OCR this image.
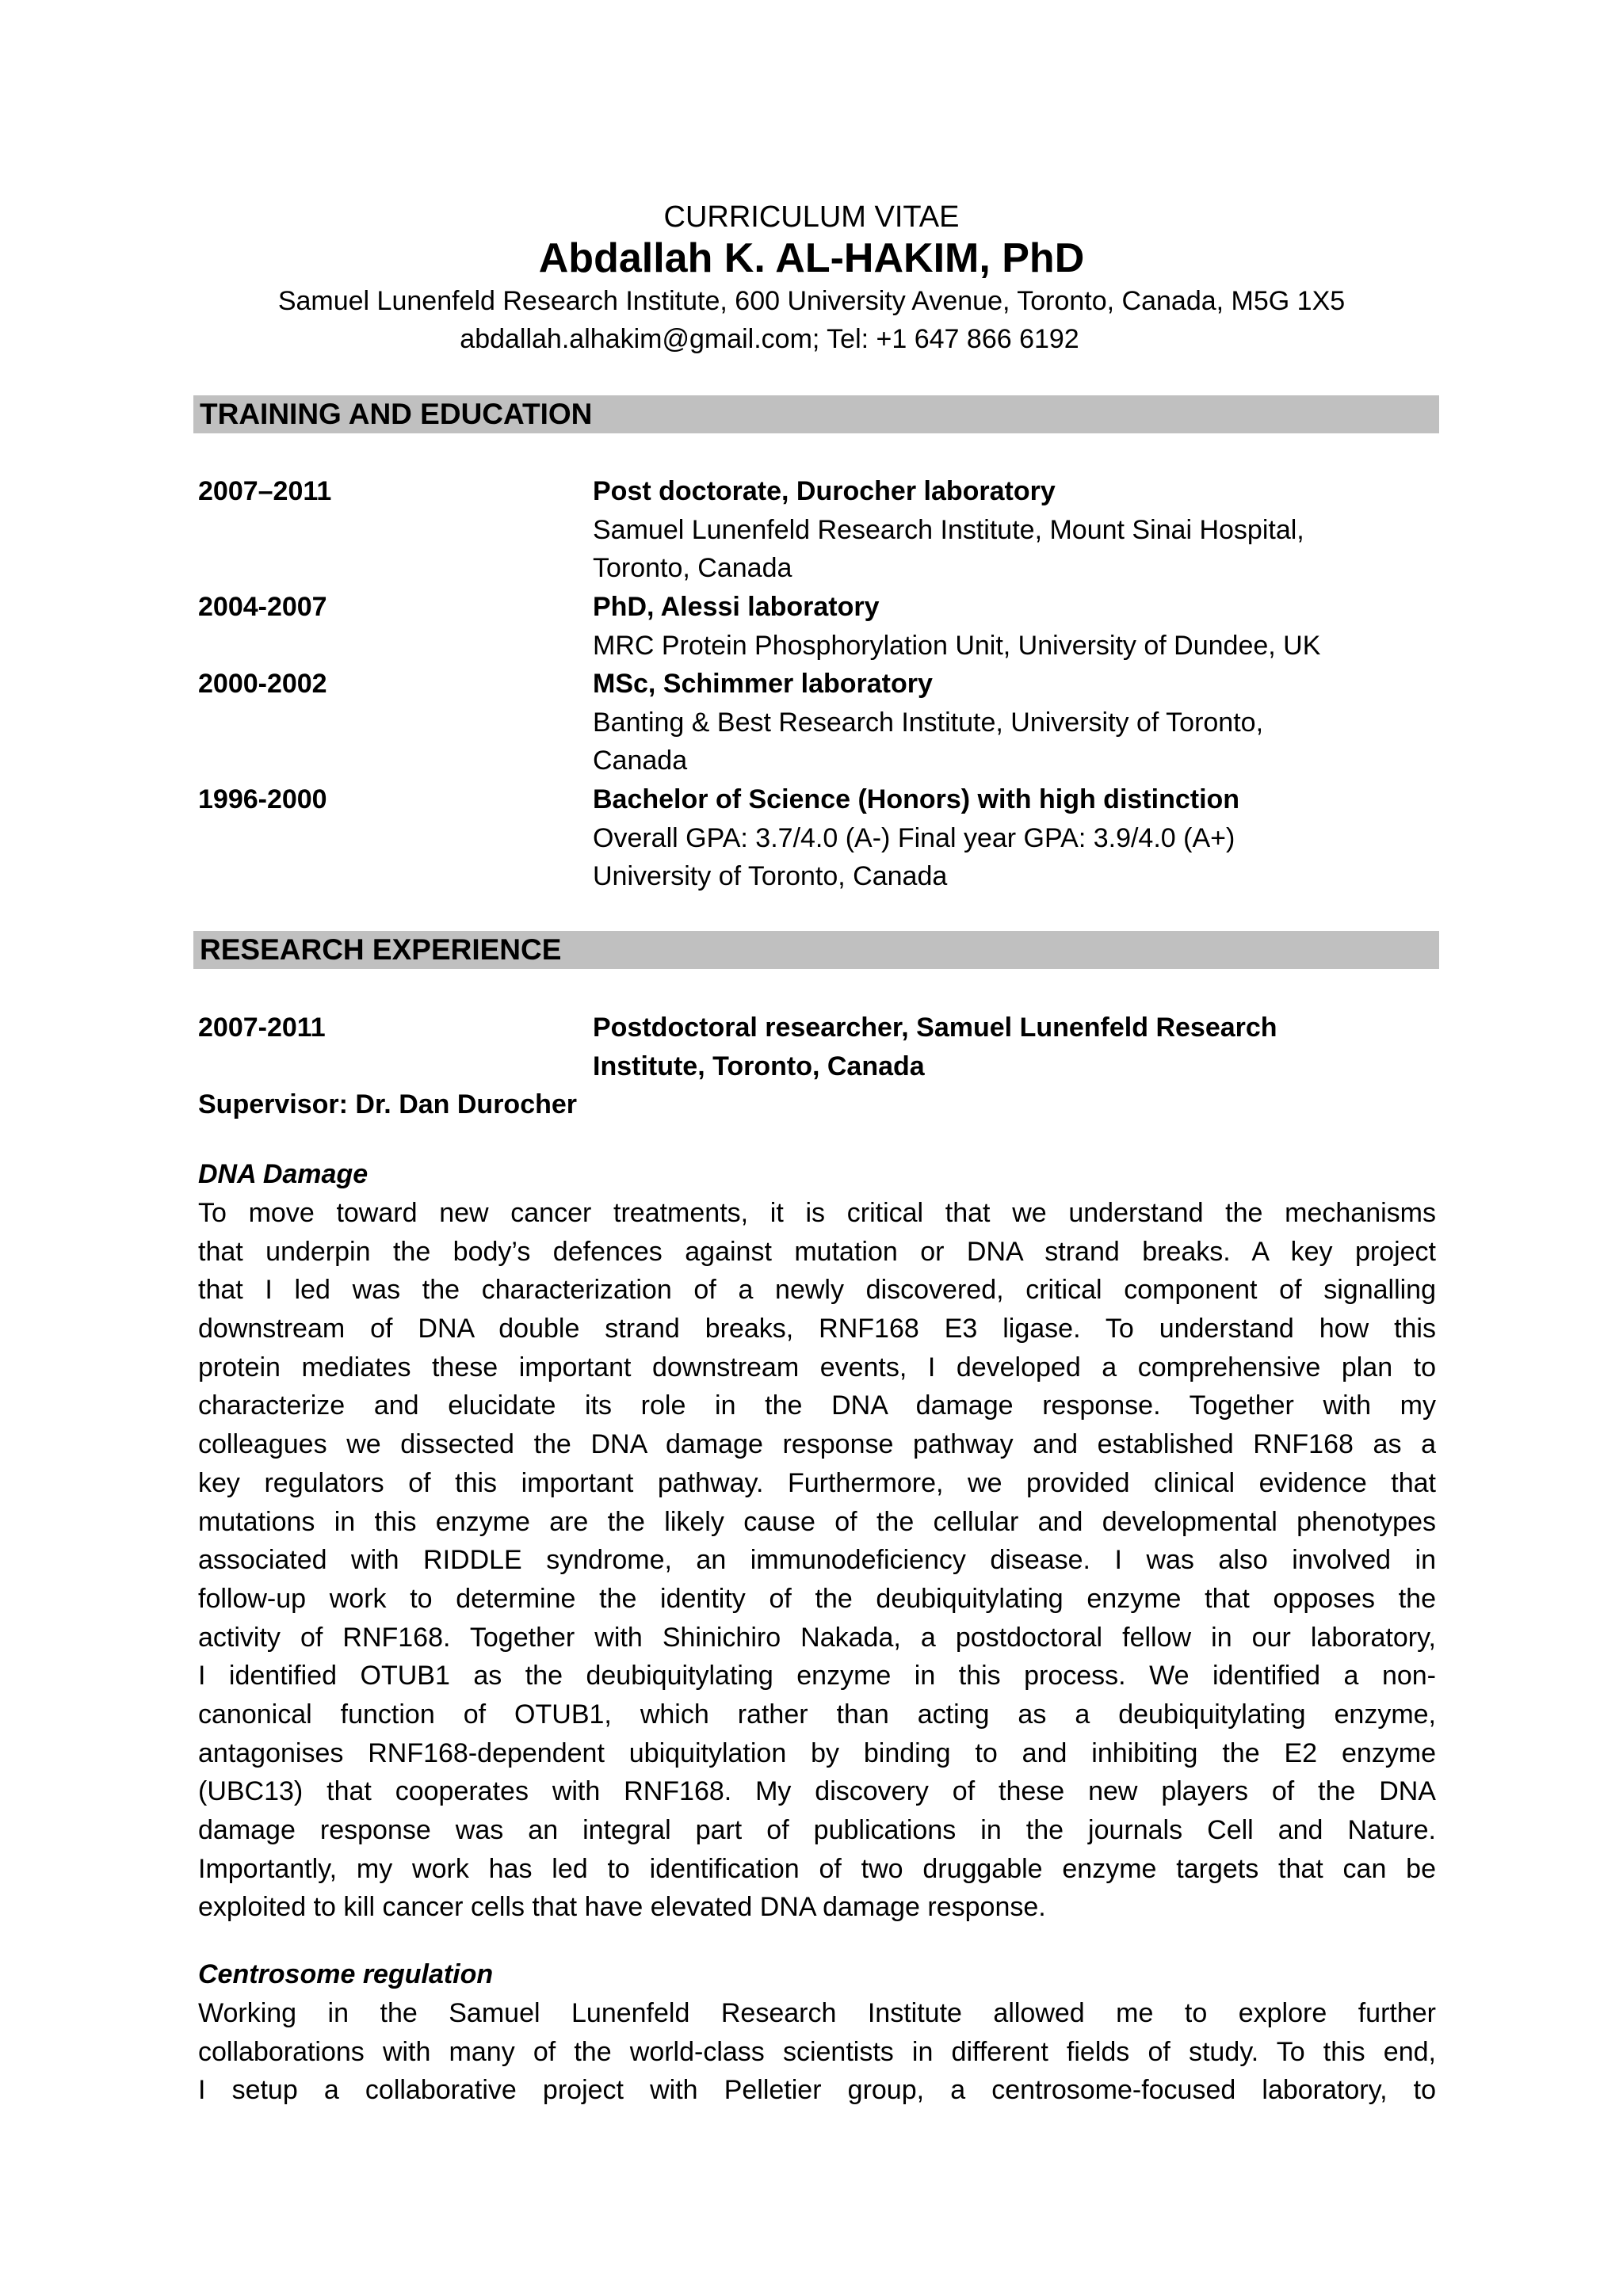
CURRICULUM VITAE
Abdallah K. AL-HAKIM, PhD
Samuel Lunenfeld Research Institute, 600 University Avenue, Toronto, Canada, M5G 1X5
abdallah.alhakim@gmail.com; Tel: +1 647 866 6192
TRAINING AND EDUCATION
2007–2011	Post doctorate, Durocher laboratory
Samuel Lunenfeld Research Institute, Mount Sinai Hospital,
Toronto, Canada
2004-2007	PhD, Alessi laboratory
MRC Protein Phosphorylation Unit, University of Dundee, UK
2000-2002	MSc, Schimmer laboratory
Banting & Best Research Institute, University of Toronto,
Canada
1996-2000	Bachelor of Science (Honors) with high distinction
Overall GPA: 3.7/4.0 (A-) Final year GPA: 3.9/4.0 (A+)
University of Toronto, Canada
RESEARCH EXPERIENCE
2007-2011	Postdoctoral researcher, Samuel Lunenfeld Research
Institute, Toronto, Canada
Supervisor: Dr. Dan Durocher
DNA Damage
To move toward new cancer treatments, it is critical that we understand the mechanisms
that underpin the body’s defences against mutation or DNA strand breaks. A key project
that I led was the characterization of a newly discovered, critical component of signalling
downstream of DNA double strand breaks, RNF168 E3 ligase. To understand how this
protein mediates these important downstream events, I developed a comprehensive plan to
characterize and elucidate its role in the DNA damage response. Together with my
colleagues we dissected the DNA damage response pathway and established RNF168 as a
key regulators of this important pathway. Furthermore, we provided clinical evidence that
mutations in this enzyme are the likely cause of the cellular and developmental phenotypes
associated with RIDDLE syndrome, an immunodeficiency disease. I was also involved in
follow-up work to determine the identity of the deubiquitylating enzyme that opposes the
activity of RNF168. Together with Shinichiro Nakada, a postdoctoral fellow in our laboratory,
I identified OTUB1 as the deubiquitylating enzyme in this process. We identified a non-
canonical function of OTUB1, which rather than acting as a deubiquitylating enzyme,
antagonises RNF168-dependent ubiquitylation by binding to and inhibiting the E2 enzyme
(UBC13) that cooperates with RNF168. My discovery of these new players of the DNA
damage response was an integral part of publications in the journals Cell and Nature.
Importantly, my work has led to identification of two druggable enzyme targets that can be
exploited to kill cancer cells that have elevated DNA damage response.
Centrosome regulation
Working in the Samuel Lunenfeld Research Institute allowed me to explore further
collaborations with many of the world-class scientists in different fields of study. To this end,
I setup a collaborative project with Pelletier group, a centrosome-focused laboratory, to
